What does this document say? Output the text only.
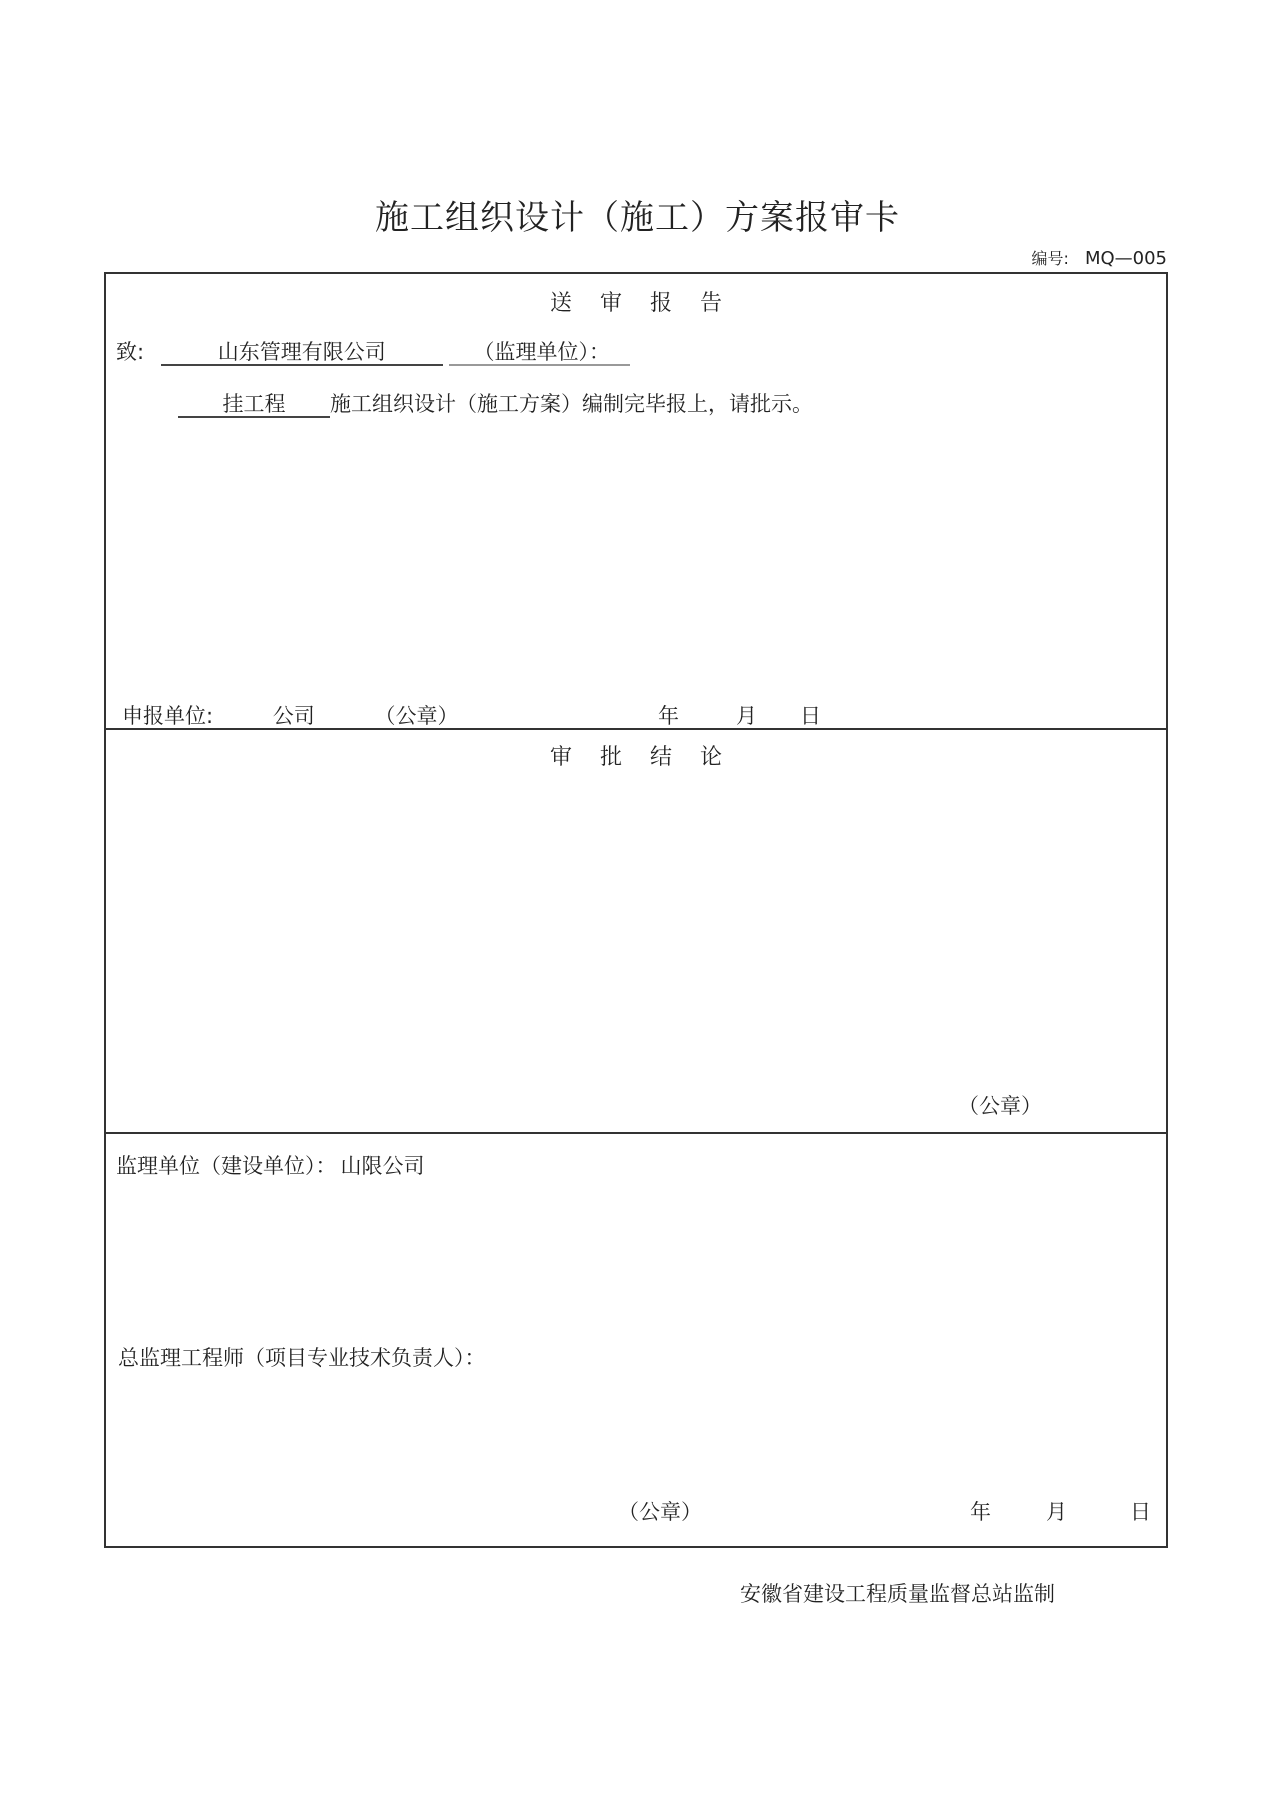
施工组织设计（施工）方案报审卡
编号: MQ—005
送 审 报 告
致:	山东管理有限公司	（监理单位）：
挂工程 施工组织设计（施工方案）编制完毕报上，请批示。
申报单位:	公司	（公章）	年	月 日
审 批 结 论
（公章）
监理单位（建设单位）： 山限公司
总监理工程师（项目专业技术负责人）：
（公章）	年	月	日
安徽省建设工程质量监督总站监制
